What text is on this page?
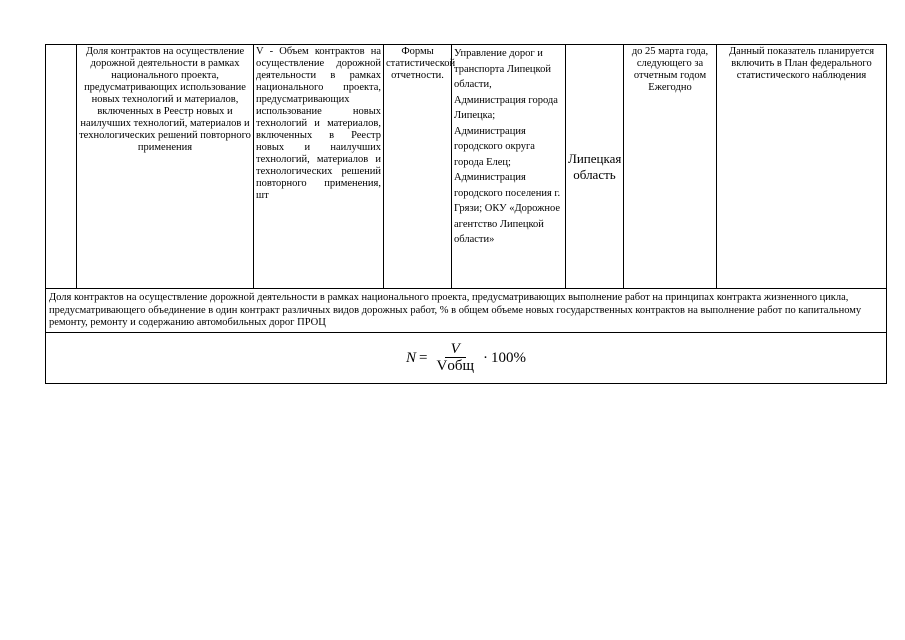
	Доля контрактов на осуществление дорожной деятельности в рамках национального проекта, предусматривающих использование новых технологий и материалов, включенных в Реестр новых и наилучших технологий, материалов и технологических решений повторного применения	V - Объем контрактов на осуществление дорожной деятельности в рамках национального проекта, предусматривающих использование новых технологий и материалов, включенных в Реестр новых и наилучших технологий, материалов и технологических решений повторного применения, шт	Формы статистической отчетности.	Управление дорог и транспорта Липецкой области, Администрация города Липецка; Администрация городского округа города Елец; Администрация городского поселения г. Грязи; ОКУ «Дорожное агентство Липецкой области»	Липецкая область	до 25 марта года, следующего за отчетным годом Ежегодно	Данный показатель планируется включить в План федерального статистического наблюдения
Доля контрактов на осуществление дорожной деятельности в рамках национального проекта, предусматривающих выполнение работ на принципах контракта жизненного цикла, предусматривающего объединение в один контракт различных видов дорожных работ, % в общем объеме новых государственных контрактов на выполнение работ по капитальному ремонту, ремонту и содержанию автомобильных дорог ПРОЦ

$N = \frac{V}{\text{Vобщ}} \cdot 100\%$
